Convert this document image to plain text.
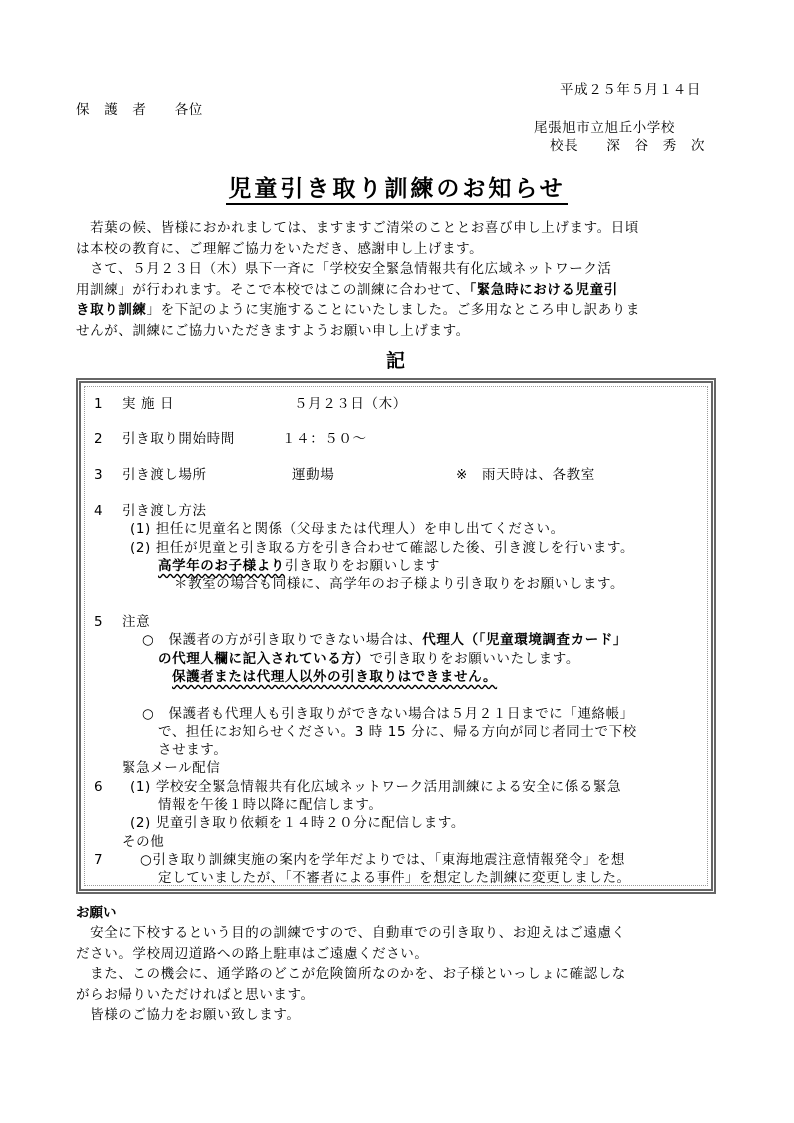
平成２５年５月１４日
保　護　者　　各位
尾張旭市立旭丘小学校
校長　　深　谷　秀　次
児童引き取り訓練のお知らせ
　若葉の候、皆様におかれましては、ますますご清栄のこととお喜び申し上げます。日頃
は本校の教育に、ご理解ご協力をいただき、感謝申し上げます。
　さて、５月２３日（木）県下一斉に「学校安全緊急情報共有化広域ネットワーク活
用訓練」が行われます。そこで本校ではこの訓練に合わせて、「緊急時における児童引
き取り訓練」を下記のように実施することにいたしました。ご多用なところ申し訳ありま
せんが、訓練にご協力いただきますようお願い申し上げます。
記
1 実 施 日	５月２３日（木）
2 引き取り開始時間	１４：５０～
3 引き渡し場所	運動場	※　雨天時は、各教室
4 引き渡し方法
(1) 担任に児童名と関係（父母または代理人）を申し出てください。
(2) 担任が児童と引き取る方を引き合わせて確認した後、引き渡しを行います。
高学年のお子様より引き取りをお願いします
＊教室の場合も同様に、高学年のお子様より引き取りをお願いします。
5 注意
○　保護者の方が引き取りできない場合は、代理人（「児童環境調査カード」
の代理人欄に記入されている方）で引き取りをお願いいたします。
保護者または代理人以外の引き取りはできません。
○　保護者も代理人も引き取りができない場合は５月２１日までに「連絡帳」
で、担任にお知らせください。3 時 15 分に、帰る方向が同じ者同士で下校
させます。
緊急メール配信
6 (1) 学校安全緊急情報共有化広域ネットワーク活用訓練による安全に係る緊急
情報を午後１時以降に配信します。
(2) 児童引き取り依頼を１４時２０分に配信します。
その他
7	○引き取り訓練実施の案内を学年だよりでは、「東海地震注意情報発令」を想
定していましたが、「不審者による事件」を想定した訓練に変更しました。
お願い
　安全に下校するという目的の訓練ですので、自動車での引き取り、お迎えはご遠慮く
ださい。学校周辺道路への路上駐車はご遠慮ください。
　また、この機会に、通学路のどこが危険箇所なのかを、お子様といっしょに確認しな
がらお帰りいただければと思います。
　皆様のご協力をお願い致します。
